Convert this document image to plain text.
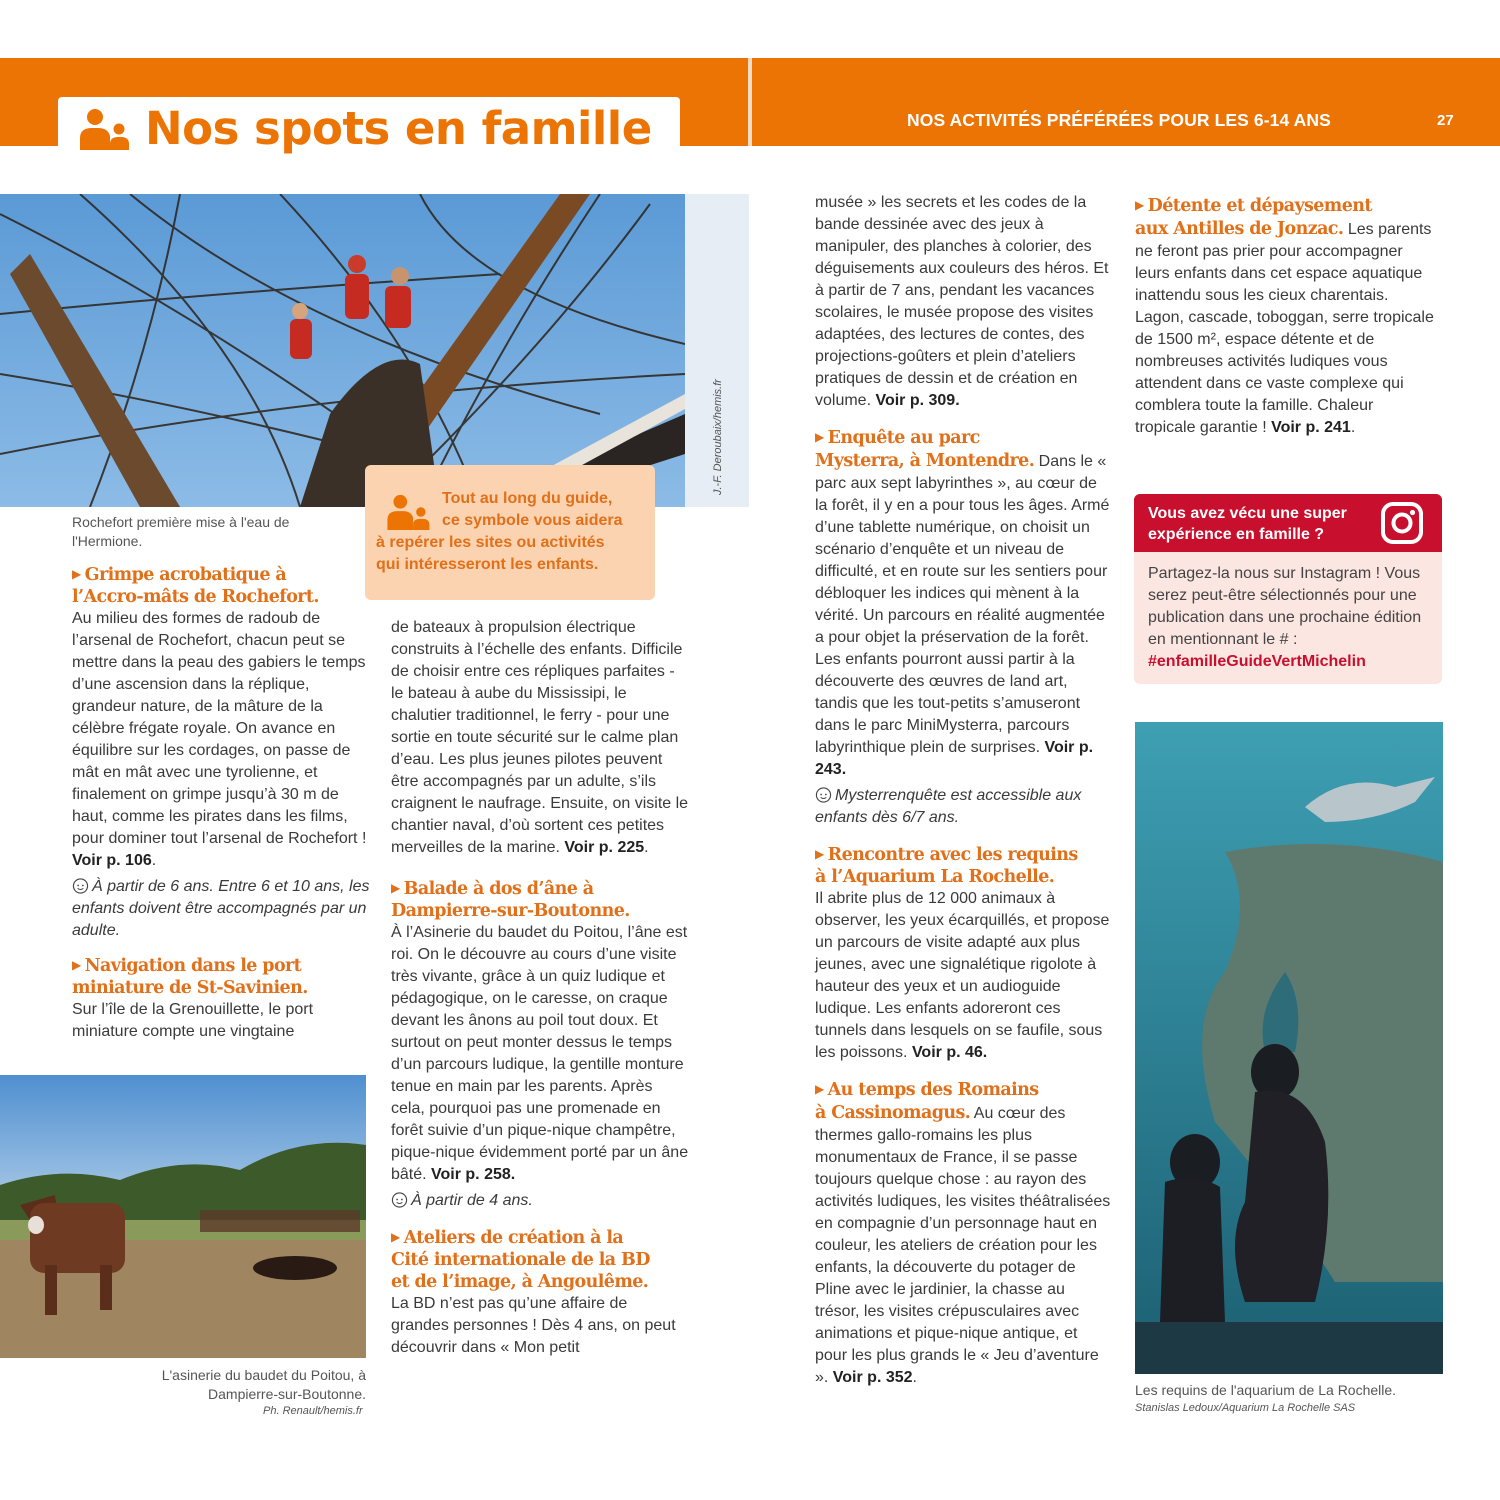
Nos spots en famille	NOS ACTIVITÉS PRÉFÉRÉES POUR LES 6-14 ANS	27
J.-F. Deroubaix/hemis.fr
Rochefort première mise à l'eau de l'Hermione.
Tout au long du guide,
ce symbole vous aidera
à repérer les sites ou activités
qui intéresseront les enfants.
▶ Grimpe acrobatique à
l’Accro-mâts de Rochefort.

Au milieu des formes de radoub de l’arsenal de Rochefort, chacun peut se mettre dans la peau des gabiers le temps d’une ascension dans la réplique, grandeur nature, de la mâture de la célèbre frégate royale. On avance en équilibre sur les cordages, on passe de mât en mât avec une tyrolienne, et finalement on grimpe jusqu’à 30 m de haut, comme les pirates dans les films, pour dominer tout l’arsenal de Rochefort ! Voir p. 106.

À partir de 6 ans. Entre 6 et 10 ans, les enfants doivent être accompagnés par un adulte.

▶ Navigation dans le port
miniature de St-Savinien.

Sur l’île de la Grenouillette, le port miniature compte une vingtaine

L'asinerie du baudet du Poitou, à
Dampierre-sur-Boutonne.
Ph. Renault/hemis.fr

de bateaux à propulsion électrique construits à l’échelle des enfants. Difficile de choisir entre ces répliques parfaites - le bateau à aube du Mississipi, le chalutier traditionnel, le ferry - pour une sortie en toute sécurité sur le calme plan d’eau. Les plus jeunes pilotes peuvent être accompagnés par un adulte, s’ils craignent le naufrage. Ensuite, on visite le chantier naval, d’où sortent ces petites merveilles de la marine. Voir p. 225.

▶ Balade à dos d’âne à
Dampierre-sur-Boutonne.

À l’Asinerie du baudet du Poitou, l’âne est roi. On le découvre au cours d’une visite très vivante, grâce à un quiz ludique et pédagogique, on le caresse, on craque devant les ânons au poil tout doux. Et surtout on peut monter dessus le temps d’un parcours ludique, la gentille monture tenue en main par les parents. Après cela, pourquoi pas une promenade en forêt suivie d’un pique-nique champêtre, pique-nique évidemment porté par un âne bâté. Voir p. 258.

À partir de 4 ans.

▶ Ateliers de création à la
Cité internationale de la BD
et de l’image, à Angoulême.

La BD n’est pas qu’une affaire de grandes personnes ! Dès 4 ans, on peut découvrir dans « Mon petit

musée » les secrets et les codes de la bande dessinée avec des jeux à manipuler, des planches à colorier, des déguisements aux couleurs des héros. Et à partir de 7 ans, pendant les vacances scolaires, le musée propose des visites adaptées, des lectures de contes, des projections-goûters et plein d’ateliers pratiques de dessin et de création en volume. Voir p. 309.

▶ Enquête au parc
Mysterra, à Montendre. Dans le « parc aux sept labyrinthes », au cœur de la forêt, il y en a pour tous les âges. Armé d’une tablette numérique, on choisit un scénario d’enquête et un niveau de difficulté, et en route sur les sentiers pour débloquer les indices qui mènent à la vérité. Un parcours en réalité augmentée a pour objet la préservation de la forêt. Les enfants pourront aussi partir à la découverte des œuvres de land art, tandis que les tout-petits s’amuseront dans le parc MiniMysterra, parcours labyrinthique plein de surprises. Voir p. 243.

Mysterrenquête est accessible aux enfants dès 6/7 ans.

▶ Rencontre avec les requins
à l’Aquarium La Rochelle.

Il abrite plus de 12 000 animaux à observer, les yeux écarquillés, et propose un parcours de visite adapté aux plus jeunes, avec une signalétique rigolote à hauteur des yeux et un audioguide ludique. Les enfants adoreront ces tunnels dans lesquels on se faufile, sous les poissons. Voir p. 46.

▶ Au temps des Romains
à Cassinomagus. Au cœur des thermes gallo-romains les plus monumentaux de France, il se passe toujours quelque chose : au rayon des activités ludiques, les visites théâtralisées en compagnie d’un personnage haut en couleur, les ateliers de création pour les enfants, la découverte du potager de Pline avec le jardinier, la chasse au trésor, les visites crépusculaires avec animations et pique-nique antique, et pour les plus grands le « Jeu d’aventure ». Voir p. 352.

▶ Détente et dépaysement
aux Antilles de Jonzac. Les parents ne feront pas prier pour accompagner leurs enfants dans cet espace aquatique inattendu sous les cieux charentais. Lagon, cascade, toboggan, serre tropicale de 1500 m², espace détente et de nombreuses activités ludiques vous attendent dans ce vaste complexe qui comblera toute la famille. Chaleur tropicale garantie ! Voir p. 241.

Vous avez vécu une super expérience en famille ?
Partagez-la nous sur Instagram ! Vous serez peut-être sélectionnés pour une publication dans une prochaine édition en mentionnant le # : #enfamilleGuideVertMichelin
Les requins de l'aquarium de La Rochelle.
Stanislas Ledoux/Aquarium La Rochelle SAS
